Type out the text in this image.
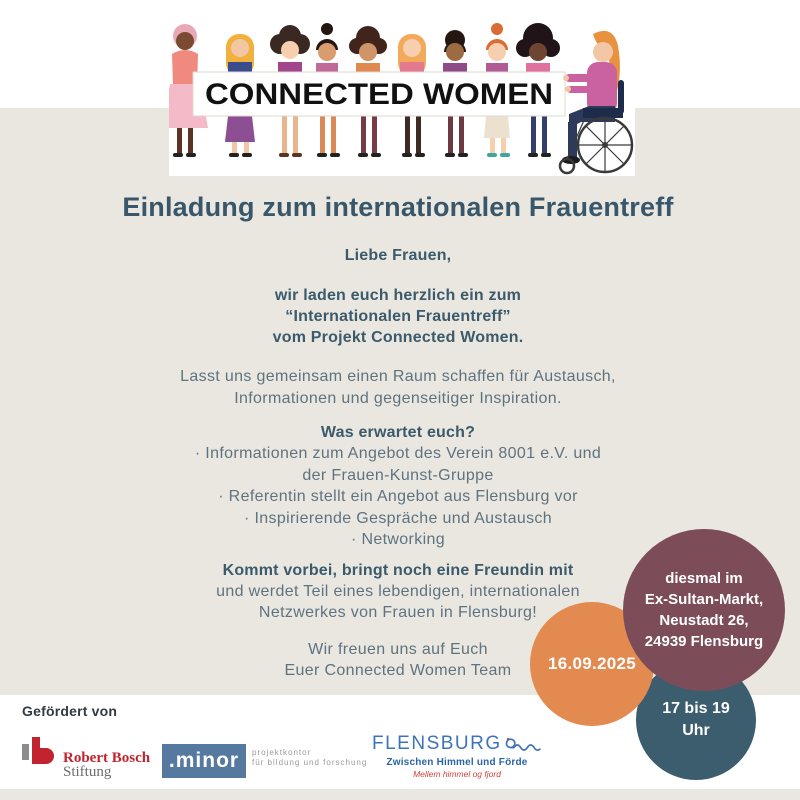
CONNECTED WOMEN
Einladung zum internationalen Frauentreff
Liebe Frauen,
wir laden euch herzlich ein zum
“Internationalen Frauentreff”
vom Projekt Connected Women.
Lasst uns gemeinsam einen Raum schaffen für Austausch,
Informationen und gegenseitiger Inspiration.
Was erwartet euch?
· Informationen zum Angebot des Verein 8001 e.V. und
der Frauen-Kunst-Gruppe
· Referentin stellt ein Angebot aus Flensburg vor
· Inspirierende Gespräche und Austausch
· Networking
Kommt vorbei, bringt noch eine Freundin mit
und werdet Teil eines lebendigen, internationalen
Netzwerkes von Frauen in Flensburg!
Wir freuen uns auf Euch
Euer Connected Women Team
17 bis 19
Uhr
16.09.2025
diesmal im
Ex-Sultan-Markt,
Neustadt 26,
24939 Flensburg
Gefördert von
Robert Bosch
Stiftung	.minor	projektkontor
für bildung und forschung
FLENSBURG
Zwischen Himmel und Förde
Mellem himmel og fjord
